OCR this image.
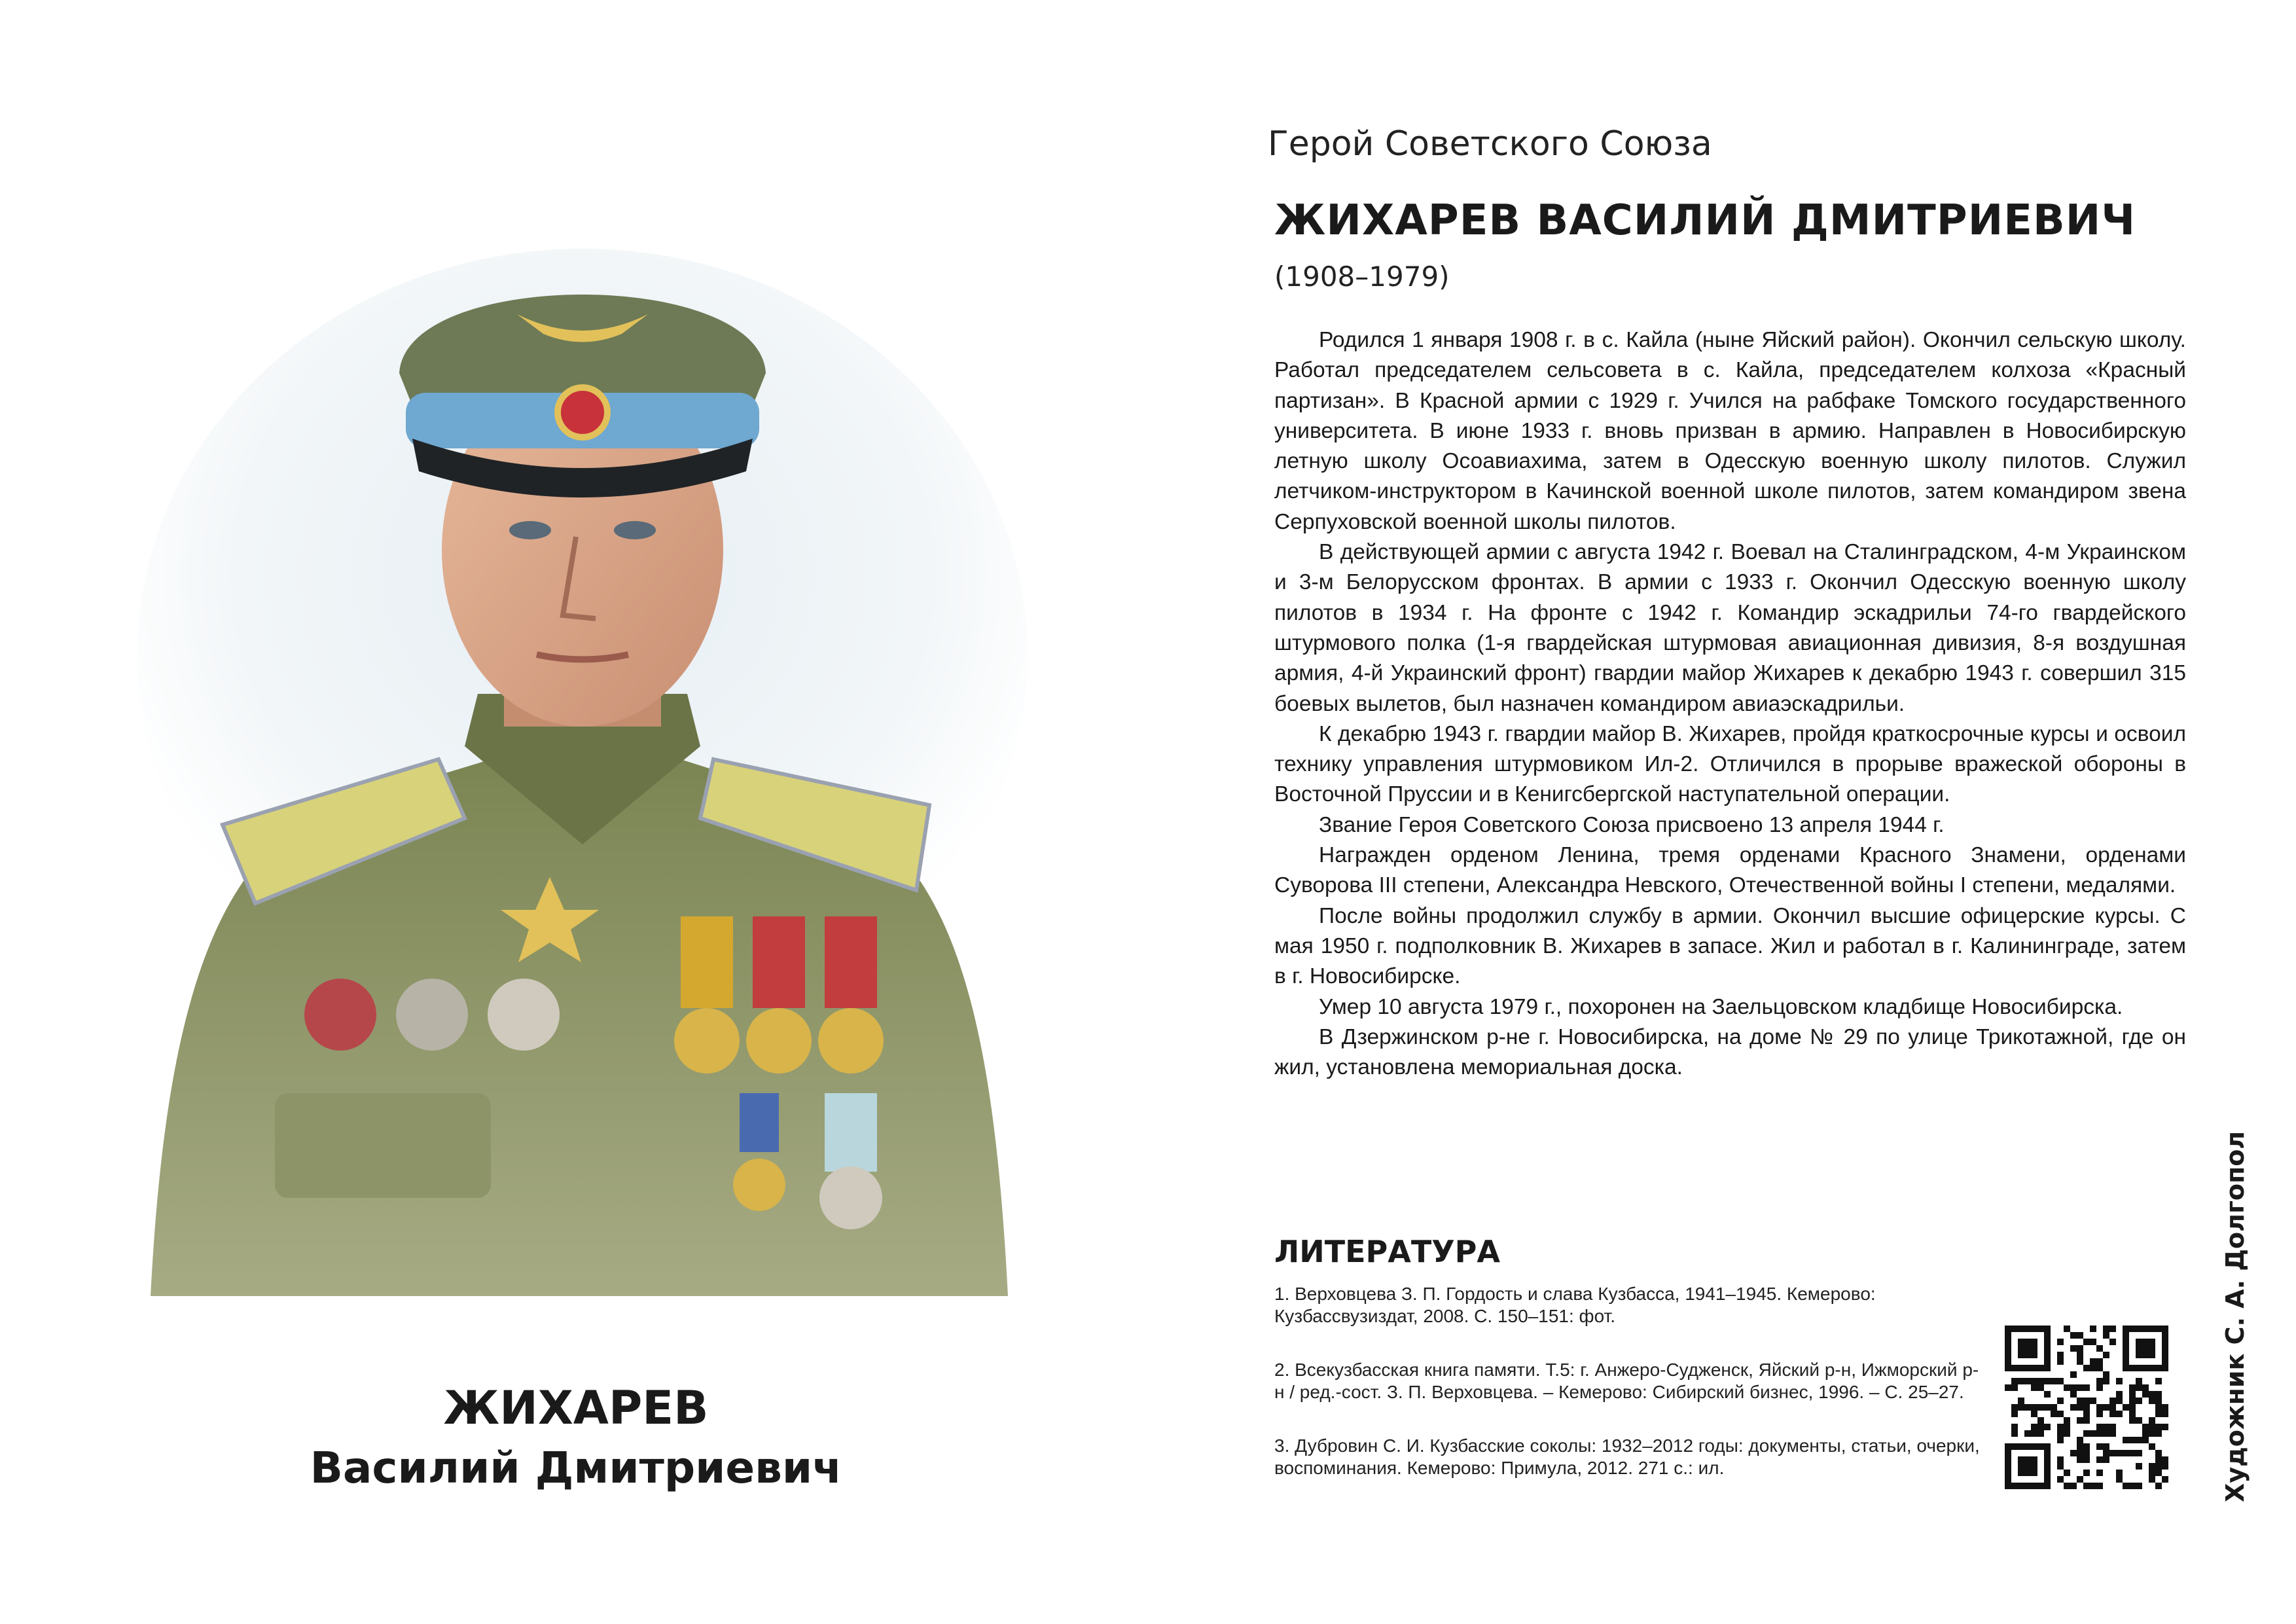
ЖИХАРЕВ
Василий Дмитриевич
Герой Советского Союза
ЖИХАРЕВ ВАСИЛИЙ ДМИТРИЕВИЧ
(1908–1979)

Родился 1 января 1908 г. в с. Кайла (ныне Яйский район). Окончил сельскую школу. Работал председателем сельсовета в с. Кайла, председателем колхоза «Красный партизан». В Красной армии с 1929 г. Учился на рабфаке Томского государственного университета. В июне 1933 г. вновь призван в армию. Направлен в Новосибирскую летную школу Осоавиахима, затем в Одесскую военную школу пилотов. Служил летчиком-инструктором в Качинской военной школе пилотов, затем командиром звена Серпуховской военной школы пилотов.

В действующей армии с августа 1942 г. Воевал на Сталинградском, 4-м Украинском и 3-м Белорусском фронтах. В армии с 1933 г. Окончил Одесскую военную школу пилотов в 1934 г. На фронте с 1942 г. Командир эскадрильи 74-го гвардейского штурмового полка (1-я гвардейская штурмовая авиационная дивизия, 8-я воздушная армия, 4-й Украинский фронт) гвардии майор Жихарев к декабрю 1943 г. совершил 315 боевых вылетов, был назначен командиром авиаэскадрильи.

К декабрю 1943 г. гвардии майор В. Жихарев, пройдя краткосрочные курсы и освоил технику управления штурмовиком Ил-2. Отличился в прорыве вражеской обороны в Восточной Пруссии и в Кенигсбергской наступательной операции.

Звание Героя Советского Союза присвоено 13 апреля 1944 г.

Награжден орденом Ленина, тремя орденами Красного Знамени, орденами Суворова III степени, Александра Невского, Отечественной войны I степени, медалями.

После войны продолжил службу в армии. Окончил высшие офицерские курсы. С мая 1950 г. подполковник В. Жихарев в запасе. Жил и работал в г. Калининграде, затем в г. Новосибирске.

Умер 10 августа 1979 г., похоронен на Заельцовском кладбище Новосибирска.

В Дзержинском р-не г. Новосибирска, на доме № 29 по улице Трикотажной, где он жил, установлена мемориальная доска.

ЛИТЕРАТУРА

1. Верховцева З. П. Гордость и слава Кузбасса, 1941–1945. Кемерово: Кузбассвузиздат, 2008. С. 150–151: фот.

2. Всекузбасская книга памяти. Т.5: г. Анжеро-Судженск, Яйский р-н, Ижморский р-н / ред.-сост. З. П. Верховцева. – Кемерово: Сибирский бизнес, 1996. – С. 25–27.

3. Дубровин С. И. Кузбасские соколы: 1932–2012 годы: документы, статьи, очерки, воспоминания. Кемерово: Примула, 2012. 271 с.: ил.	Художник С. А. Долгопол
